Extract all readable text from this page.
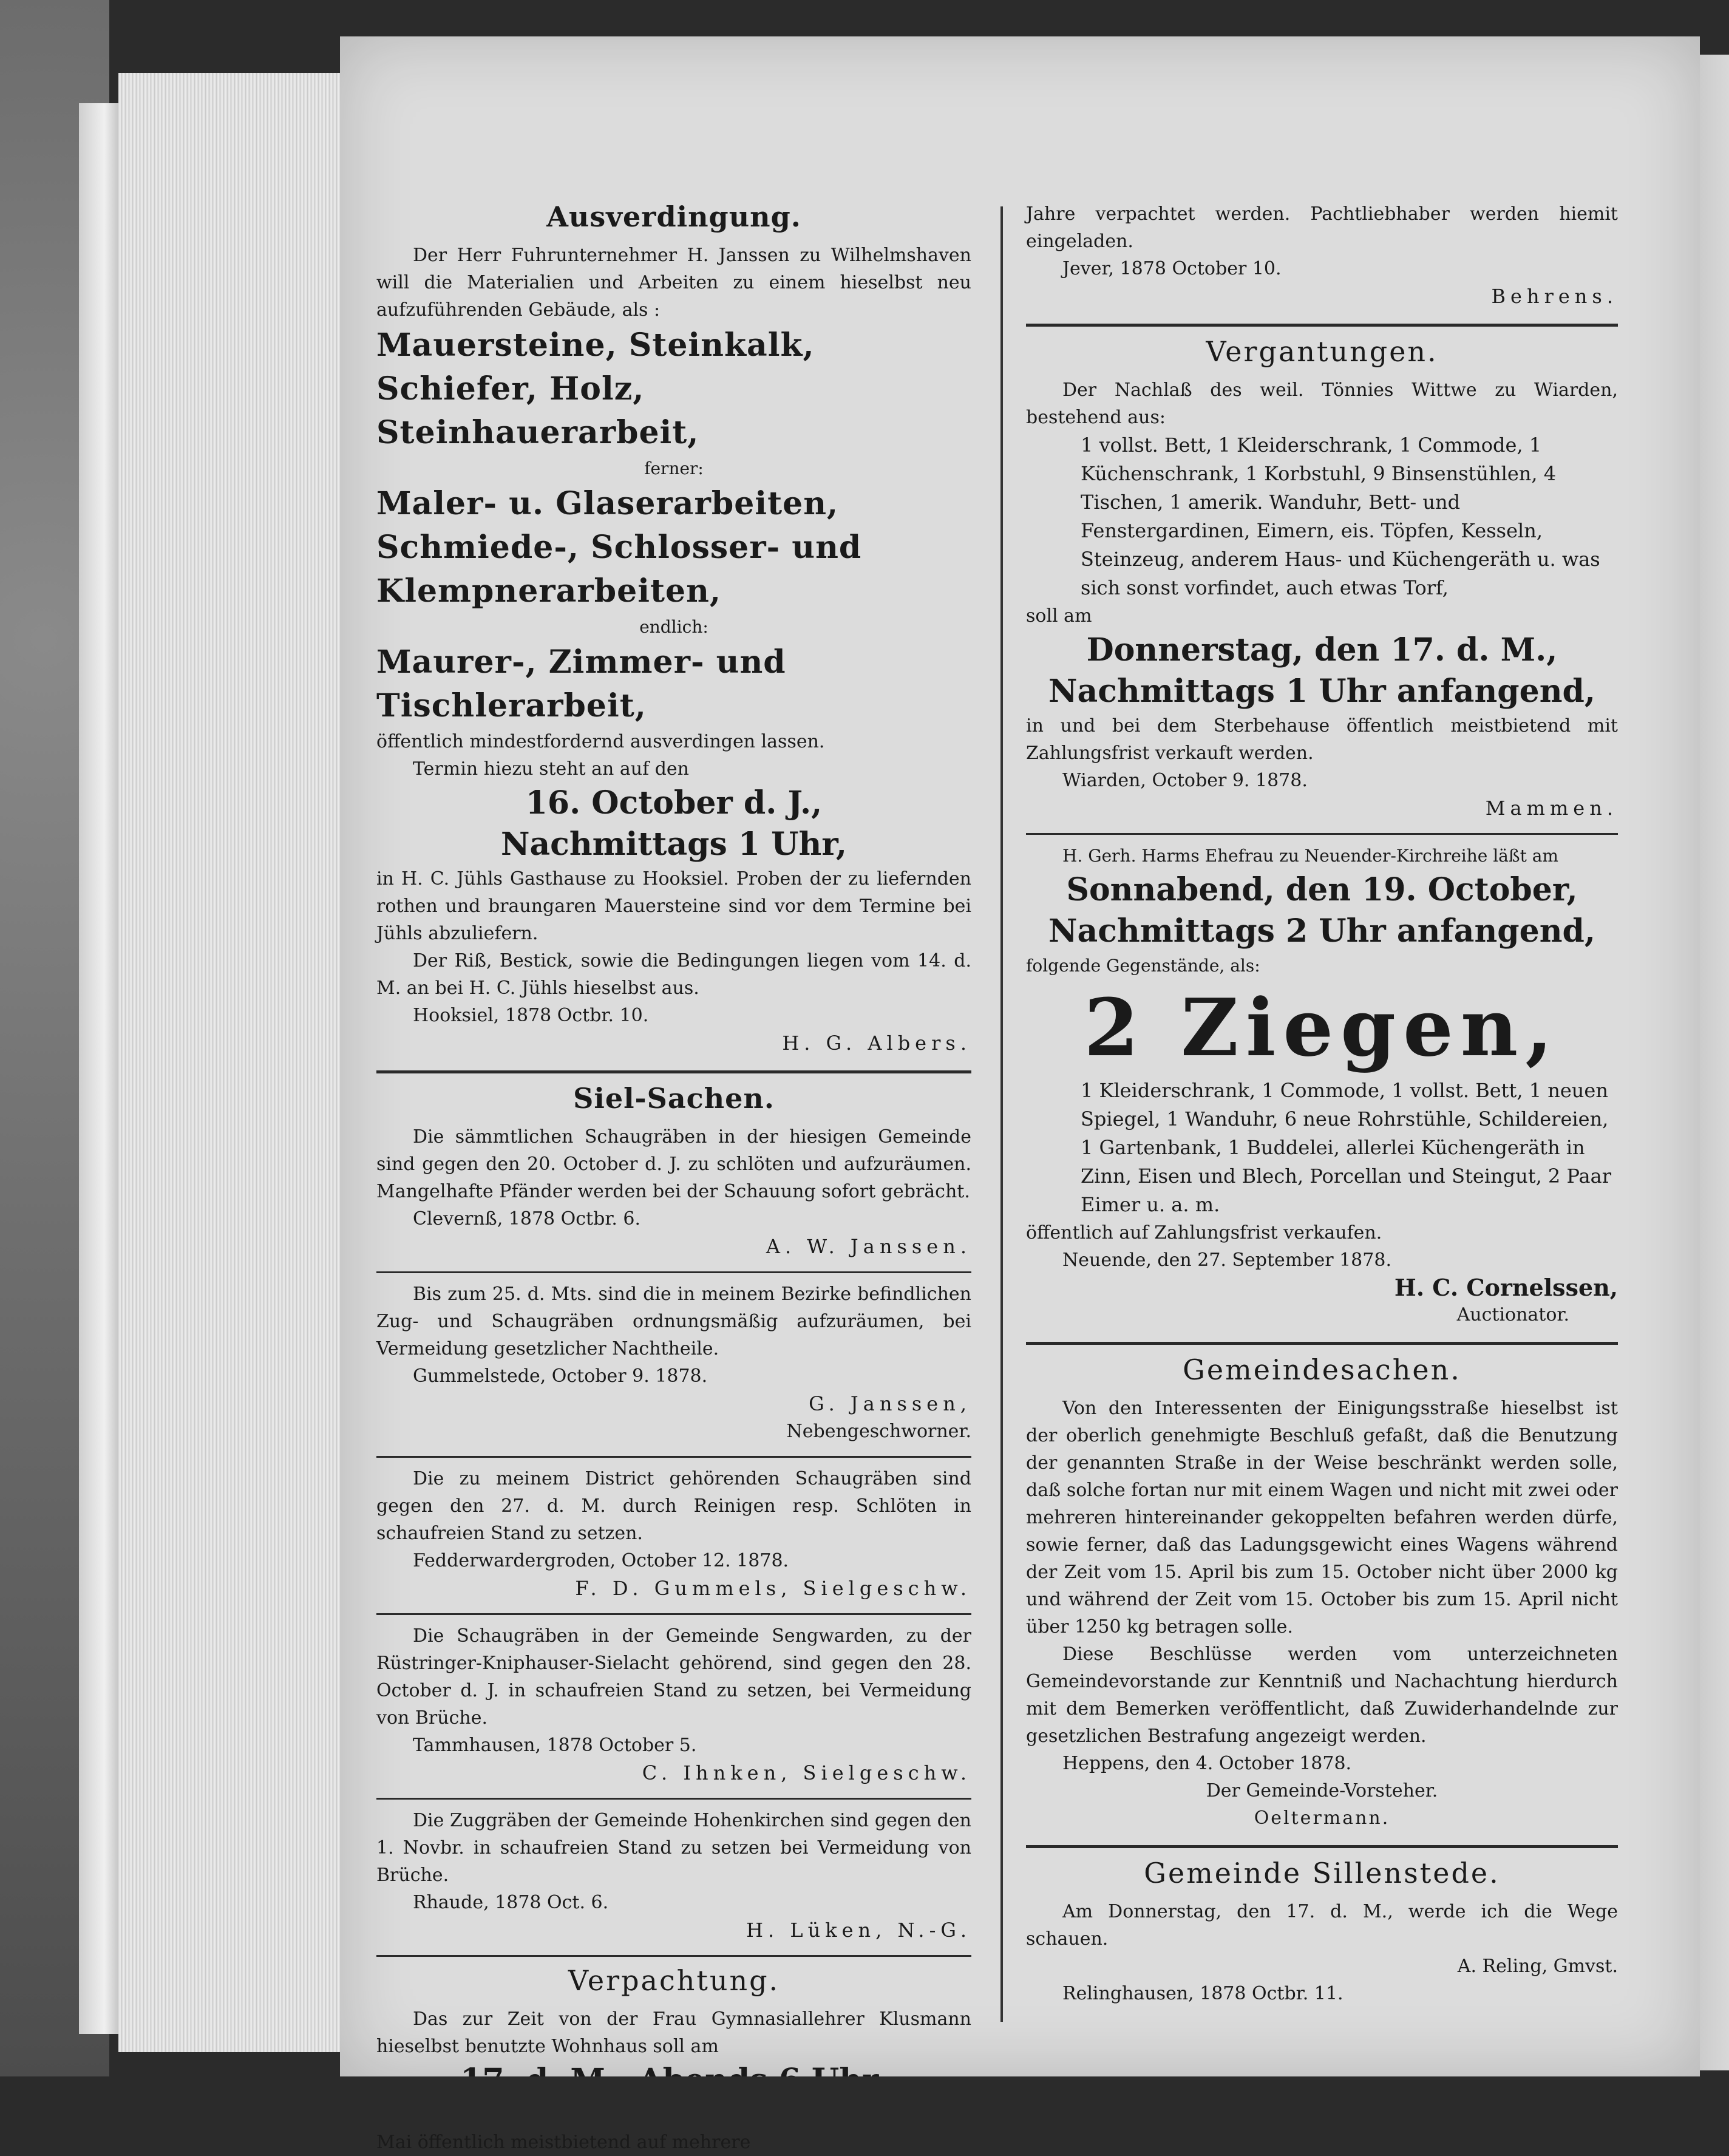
Ausverdingung.

Der Herr Fuhrunternehmer H. Janssen zu Wilhelmshaven will die Materialien und Arbeiten zu einem hieselbst neu aufzuführenden Gebäude, als :

Mauersteine, Steinkalk, Schiefer, Holz, Steinhauerarbeit,

ferner:

Maler- u. Glaserarbeiten, Schmiede-, Schlosser- und Klempnerarbeiten,

endlich:

Maurer-, Zimmer- und Tischlerarbeit,

öffentlich mindestfordernd ausverdingen lassen.

Termin hiezu steht an auf den

16. October d. J.,

Nachmittags 1 Uhr,

in H. C. Jühls Gasthause zu Hooksiel. Proben der zu liefernden rothen und braungaren Mauersteine sind vor dem Termine bei Jühls abzuliefern.

Der Riß, Bestick, sowie die Bedingungen liegen vom 14. d. M. an bei H. C. Jühls hieselbst aus.

Hooksiel, 1878 Octbr. 10.

H. G. Albers.

Siel-Sachen.

Die sämmtlichen Schaugräben in der hiesigen Gemeinde sind gegen den 20. October d. J. zu schlöten und aufzuräumen. Mangelhafte Pfänder werden bei der Schauung sofort gebrächt.

Clevernß, 1878 Octbr. 6.

A. W. Janssen.

Bis zum 25. d. Mts. sind die in meinem Bezirke befindlichen Zug- und Schaugräben ordnungsmäßig aufzuräumen, bei Vermeidung gesetzlicher Nachtheile.

Gummelstede, October 9. 1878.

G. Janssen,

Nebengeschworner.

Die zu meinem District gehörenden Schaugräben sind gegen den 27. d. M. durch Reinigen resp. Schlöten in schaufreien Stand zu setzen.

Fedderwardergroden, October 12. 1878.

F. D. Gummels, Sielgeschw.

Die Schaugräben in der Gemeinde Sengwarden, zu der Rüstringer-Kniphauser-Sielacht gehörend, sind gegen den 28. October d. J. in schaufreien Stand zu setzen, bei Vermeidung von Brüche.

Tammhausen, 1878 October 5.

C. Ihnken, Sielgeschw.

Die Zuggräben der Gemeinde Hohenkirchen sind gegen den 1. Novbr. in schaufreien Stand zu setzen bei Vermeidung von Brüche.

Rhaude, 1878 Oct. 6.

H. Lüken, N.-G.

Verpachtung.

Das zur Zeit von der Frau Gymnasiallehrer Klusmann hieselbst benutzte Wohnhaus soll am

Mai öffentlich meistbietend auf mehrere

Jahre verpachtet werden. Pachtliebhaber werden hiemit eingeladen.

Jever, 1878 October 10.

Behrens.

Vergantungen.

Der Nachlaß des weil. Tönnies Wittwe zu Wiarden, bestehend aus:

1 vollst. Bett, 1 Kleiderschrank, 1 Commode, 1 Küchenschrank, 1 Korbstuhl, 9 Binsenstühlen, 4 Tischen, 1 amerik. Wanduhr, Bett- und Fenstergardinen, Eimern, eis. Töpfen, Kesseln, Steinzeug, anderem Haus- und Küchengeräth u. was sich sonst vorfindet, auch etwas Torf,

soll am

Donnerstag, den 17. d. M.,

Nachmittags 1 Uhr anfangend,

in und bei dem Sterbehause öffentlich meistbietend mit Zahlungsfrist verkauft werden.

Wiarden, October 9. 1878.

Mammen.

H. Gerh. Harms Ehefrau zu Neuender-Kirchreihe läßt am

Sonnabend, den 19. October,

Nachmittags 2 Uhr anfangend,

folgende Gegenstände, als:

2 Ziegen,

1 Kleiderschrank, 1 Commode, 1 vollst. Bett, 1 neuen Spiegel, 1 Wanduhr, 6 neue Rohrstühle, Schildereien, 1 Gartenbank, 1 Buddelei, allerlei Küchengeräth in Zinn, Eisen und Blech, Porcellan und Steingut, 2 Paar Eimer u. a. m.

öffentlich auf Zahlungsfrist verkaufen.

Neuende, den 27. September 1878.

H. C. Cornelssen,

Auctionator.

Gemeindesachen.

Von den Interessenten der Einigungsstraße hieselbst ist der oberlich genehmigte Beschluß gefaßt, daß die Benutzung der genannten Straße in der Weise beschränkt werden solle, daß solche fortan nur mit einem Wagen und nicht mit zwei oder mehreren hintereinander gekoppelten befahren werden dürfe, sowie ferner, daß das Ladungsgewicht eines Wagens während der Zeit vom 15. April bis zum 15. October nicht über 2000 kg und während der Zeit vom 15. October bis zum 15. April nicht über 1250 kg betragen solle.

Diese Beschlüsse werden vom unterzeichneten Gemeindevorstande zur Kenntniß und Nachachtung hierdurch mit dem Bemerken veröffentlicht, daß Zuwiderhandelnde zur gesetzlichen Bestrafung angezeigt werden.

Heppens, den 4. October 1878.

Der Gemeinde-Vorsteher.

Oeltermann.

Gemeinde Sillenstede.

Am Donnerstag, den 17. d. M., werde ich die Wege schauen.

A. Reling, Gmvst.

Relinghausen, 1878 Octbr. 11.
